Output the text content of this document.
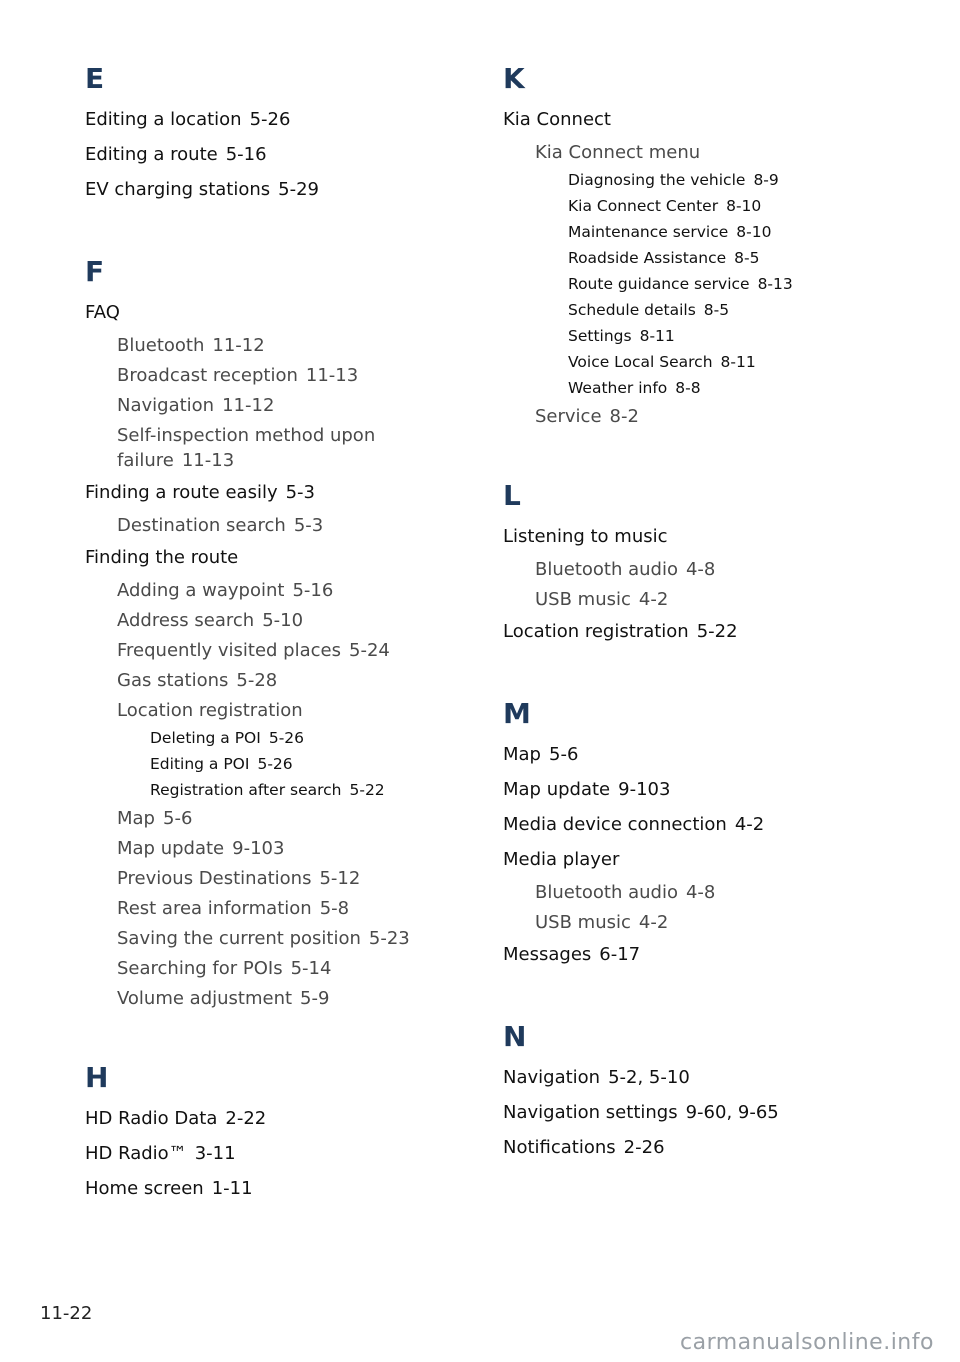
E
Editing a location 5-26
Editing a route 5-16
EV charging stations 5-29
F
FAQ
Bluetooth 11-12
Broadcast reception 11-13
Navigation 11-12
Self-inspection method upon failure 11-13
Finding a route easily 5-3
Destination search 5-3
Finding the route
Adding a waypoint 5-16
Address search 5-10
Frequently visited places 5-24
Gas stations 5-28
Location registration
Deleting a POI 5-26
Editing a POI 5-26
Registration after search 5-22
Map 5-6
Map update 9-103
Previous Destinations 5-12
Rest area information 5-8
Saving the current position 5-23
Searching for POIs 5-14
Volume adjustment 5-9
H
HD Radio Data 2-22
HD Radio™ 3-11
Home screen 1-11
K
Kia Connect
Kia Connect menu
Diagnosing the vehicle 8-9
Kia Connect Center 8-10
Maintenance service 8-10
Roadside Assistance 8-5
Route guidance service 8-13
Schedule details 8-5
Settings 8-11
Voice Local Search 8-11
Weather info 8-8
Service 8-2
L
Listening to music
Bluetooth audio 4-8
USB music 4-2
Location registration 5-22
M
Map 5-6
Map update 9-103
Media device connection 4-2
Media player
Bluetooth audio 4-8
USB music 4-2
Messages 6-17
N
Navigation 5-2, 5-10
Navigation settings 9-60, 9-65
Notifications 2-26
11-22
carmanualsonline.info
